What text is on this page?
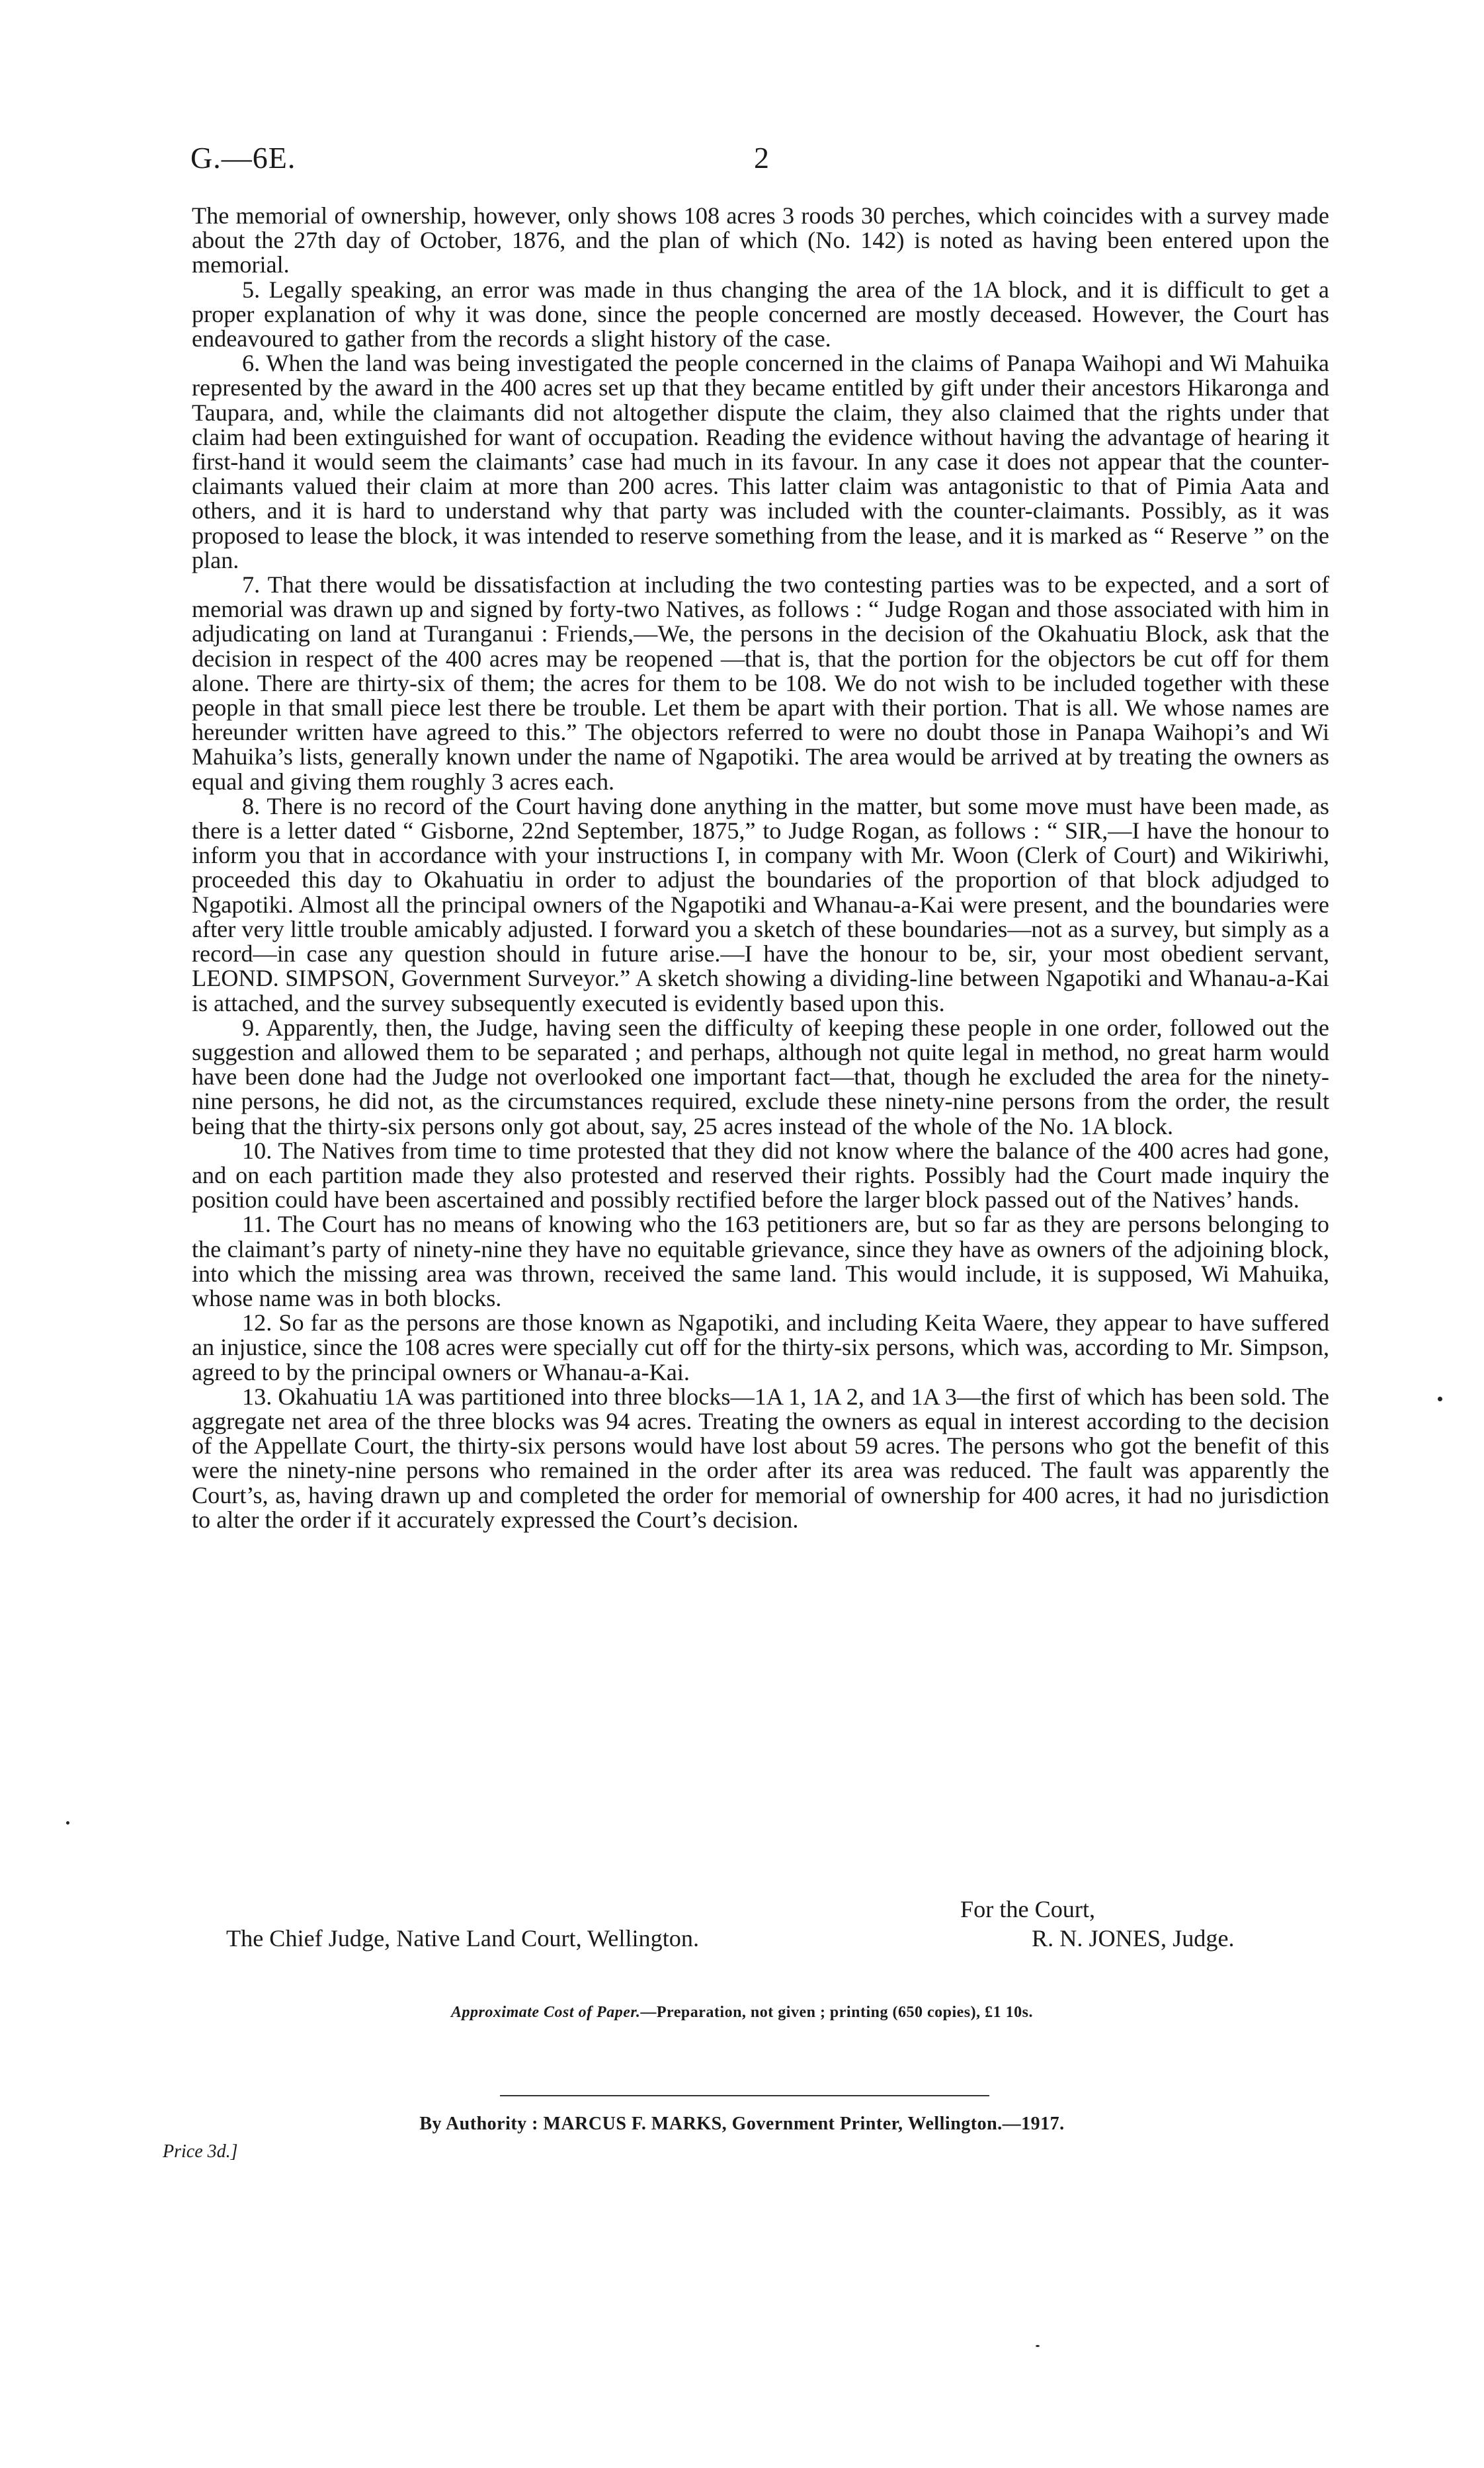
G.—6E.	2

The memorial of ownership, however, only shows 108 acres 3 roods 30 perches, which coincides with a survey made about the 27th day of October, 1876, and the plan of which (No. 142) is noted as having been entered upon the memorial.

5. Legally speaking, an error was made in thus changing the area of the 1A block, and it is difficult to get a proper explanation of why it was done, since the people concerned are mostly deceased. However, the Court has endeavoured to gather from the records a slight history of the case.

6. When the land was being investigated the people concerned in the claims of Panapa Waihopi and Wi Mahuika represented by the award in the 400 acres set up that they became entitled by gift under their ancestors Hikaronga and Taupara, and, while the claimants did not altogether dispute the claim, they also claimed that the rights under that claim had been extinguished for want of occupation. Reading the evidence without having the advantage of hearing it first-hand it would seem the claimants’ case had much in its favour. In any case it does not appear that the counter-claimants valued their claim at more than 200 acres. This latter claim was antagonistic to that of Pimia Aata and others, and it is hard to understand why that party was included with the counter-claimants. Possibly, as it was proposed to lease the block, it was intended to reserve something from the lease, and it is marked as “ Reserve ” on the plan.

7. That there would be dissatisfaction at including the two contesting parties was to be expected, and a sort of memorial was drawn up and signed by forty-two Natives, as follows : “ Judge Rogan and those associated with him in adjudicating on land at Turanganui : Friends,—We, the persons in the decision of the Okahuatiu Block, ask that the decision in respect of the 400 acres may be reopened —that is, that the portion for the objectors be cut off for them alone. There are thirty-six of them; the acres for them to be 108. We do not wish to be included together with these people in that small piece lest there be trouble. Let them be apart with their portion. That is all. We whose names are hereunder written have agreed to this.” The objectors referred to were no doubt those in Panapa Waihopi’s and Wi Mahuika’s lists, generally known under the name of Ngapotiki. The area would be arrived at by treating the owners as equal and giving them roughly 3 acres each.

8. There is no record of the Court having done anything in the matter, but some move must have been made, as there is a letter dated “ Gisborne, 22nd September, 1875,” to Judge Rogan, as follows : “ SIR,—I have the honour to inform you that in accordance with your instructions I, in company with Mr. Woon (Clerk of Court) and Wikiriwhi, proceeded this day to Okahuatiu in order to adjust the boundaries of the proportion of that block adjudged to Ngapotiki. Almost all the principal owners of the Ngapotiki and Whanau-a-Kai were present, and the boundaries were after very little trouble amicably adjusted. I forward you a sketch of these boundaries—not as a survey, but simply as a record—in case any question should in future arise.—I have the honour to be, sir, your most obedient servant, LEOND. SIMPSON, Government Surveyor.” A sketch showing a dividing-line between Ngapotiki and Whanau-a-Kai is attached, and the survey subsequently executed is evidently based upon this.

9. Apparently, then, the Judge, having seen the difficulty of keeping these people in one order, followed out the suggestion and allowed them to be separated ; and perhaps, although not quite legal in method, no great harm would have been done had the Judge not overlooked one important fact—that, though he excluded the area for the ninety-nine persons, he did not, as the circumstances required, exclude these ninety-nine persons from the order, the result being that the thirty-six persons only got about, say, 25 acres instead of the whole of the No. 1A block.

10. The Natives from time to time protested that they did not know where the balance of the 400 acres had gone, and on each partition made they also protested and reserved their rights. Possibly had the Court made inquiry the position could have been ascertained and possibly rectified before the larger block passed out of the Natives’ hands.

11. The Court has no means of knowing who the 163 petitioners are, but so far as they are persons belonging to the claimant’s party of ninety-nine they have no equitable grievance, since they have as owners of the adjoining block, into which the missing area was thrown, received the same land. This would include, it is supposed, Wi Mahuika, whose name was in both blocks.

12. So far as the persons are those known as Ngapotiki, and including Keita Waere, they appear to have suffered an injustice, since the 108 acres were specially cut off for the thirty-six persons, which was, according to Mr. Simpson, agreed to by the principal owners or Whanau-a-Kai.

13. Okahuatiu 1A was partitioned into three blocks—1A 1, 1A 2, and 1A 3—the first of which has been sold. The aggregate net area of the three blocks was 94 acres. Treating the owners as equal in interest according to the decision of the Appellate Court, the thirty-six persons would have lost about 59 acres. The persons who got the benefit of this were the ninety-nine persons who remained in the order after its area was reduced. The fault was apparently the Court’s, as, having drawn up and completed the order for memorial of ownership for 400 acres, it had no jurisdiction to alter the order if it accurately expressed the Court’s decision.

For the Court,
The Chief Judge, Native Land Court, Wellington.	R. N. JONES, Judge.
Approximate Cost of Paper.—Preparation, not given ; printing (650 copies), £1 10s.
By Authority : MARCUS F. MARKS, Government Printer, Wellington.—1917.
Price 3d.]
